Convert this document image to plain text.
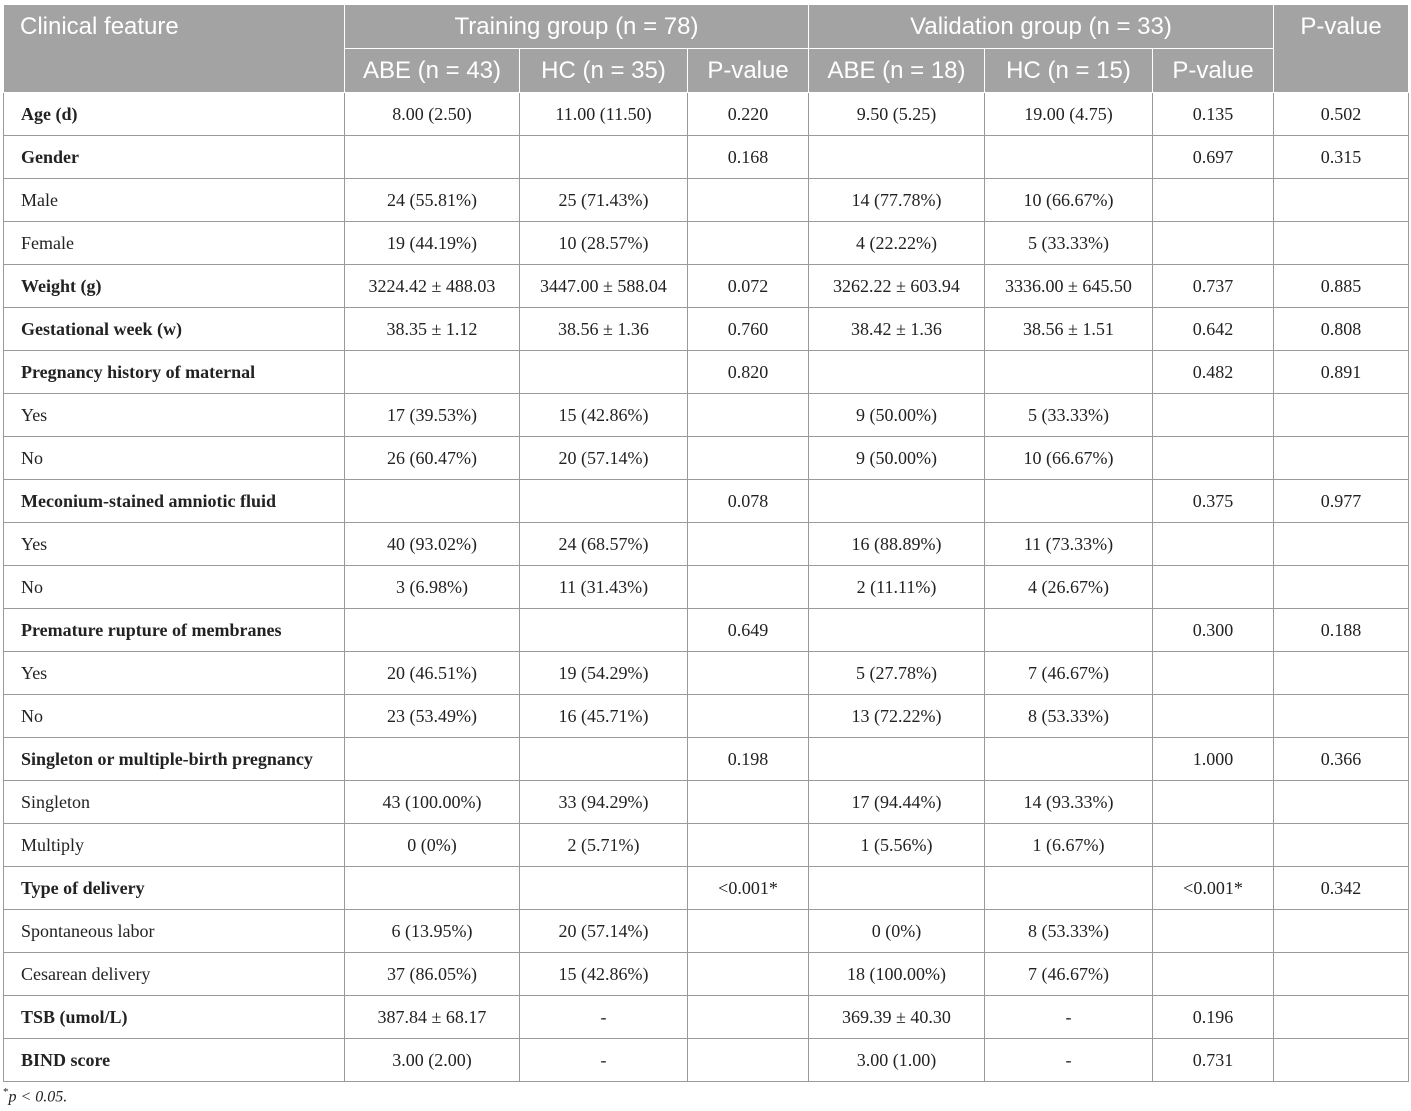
Clinical feature	Training group (n = 78)			Validation group (n = 33)			P-value
	ABE (n = 43)	HC (n = 35)	P-value	ABE (n = 18)	HC (n = 15)	P-value	
Age (d)	8.00 (2.50)	11.00 (11.50)	0.220	9.50 (5.25)	19.00 (4.75)	0.135	0.502
Gender			0.168			0.697	0.315
Male	24 (55.81%)	25 (71.43%)		14 (77.78%)	10 (66.67%)		
Female	19 (44.19%)	10 (28.57%)		4 (22.22%)	5 (33.33%)		
Weight (g)	3224.42 ± 488.03	3447.00 ± 588.04	0.072	3262.22 ± 603.94	3336.00 ± 645.50	0.737	0.885
Gestational week (w)	38.35 ± 1.12	38.56 ± 1.36	0.760	38.42 ± 1.36	38.56 ± 1.51	0.642	0.808
Pregnancy history of maternal			0.820			0.482	0.891
Yes	17 (39.53%)	15 (42.86%)		9 (50.00%)	5 (33.33%)		
No	26 (60.47%)	20 (57.14%)		9 (50.00%)	10 (66.67%)		
Meconium-stained amniotic fluid			0.078			0.375	0.977
Yes	40 (93.02%)	24 (68.57%)		16 (88.89%)	11 (73.33%)		
No	3 (6.98%)	11 (31.43%)		2 (11.11%)	4 (26.67%)		
Premature rupture of membranes			0.649			0.300	0.188
Yes	20 (46.51%)	19 (54.29%)		5 (27.78%)	7 (46.67%)		
No	23 (53.49%)	16 (45.71%)		13 (72.22%)	8 (53.33%)		
Singleton or multiple-birth pregnancy			0.198			1.000	0.366
Singleton	43 (100.00%)	33 (94.29%)		17 (94.44%)	14 (93.33%)		
Multiply	0 (0%)	2 (5.71%)		1 (5.56%)	1 (6.67%)		
Type of delivery			<0.001*			<0.001*	0.342
Spontaneous labor	6 (13.95%)	20 (57.14%)		0 (0%)	8 (53.33%)		
Cesarean delivery	37 (86.05%)	15 (42.86%)		18 (100.00%)	7 (46.67%)		
TSB (umol/L)	387.84 ± 68.17	-		369.39 ± 40.30	-	0.196	
BIND score	3.00 (2.00)	-		3.00 (1.00)	-	0.731	
*p < 0.05.
